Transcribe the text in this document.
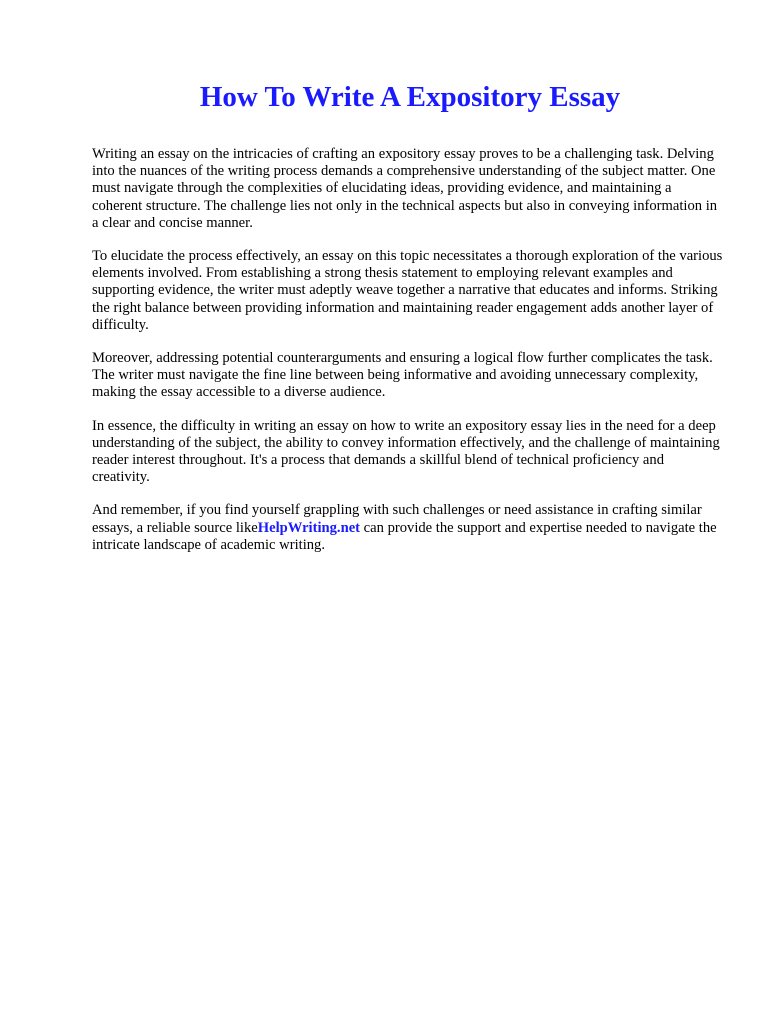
How To Write A Expository Essay

Writing an essay on the intricacies of crafting an expository essay proves to be a challenging task. Delving into the nuances of the writing process demands a comprehensive understanding of the subject matter. One must navigate through the complexities of elucidating ideas, providing evidence, and maintaining a coherent structure. The challenge lies not only in the technical aspects but also in conveying information in a clear and concise manner.

To elucidate the process effectively, an essay on this topic necessitates a thorough exploration of the various elements involved. From establishing a strong thesis statement to employing relevant examples and supporting evidence, the writer must adeptly weave together a narrative that educates and informs. Striking the right balance between providing information and maintaining reader engagement adds another layer of difficulty.

Moreover, addressing potential counterarguments and ensuring a logical flow further complicates the task. The writer must navigate the fine line between being informative and avoiding unnecessary complexity, making the essay accessible to a diverse audience.

In essence, the difficulty in writing an essay on how to write an expository essay lies in the need for a deep understanding of the subject, the ability to convey information effectively, and the challenge of maintaining reader interest throughout. It's a process that demands a skillful blend of technical proficiency and creativity.

And remember, if you find yourself grappling with such challenges or need assistance in crafting similar essays, a reliable source likeHelpWriting.net can provide the support and expertise needed to navigate the intricate landscape of academic writing.
